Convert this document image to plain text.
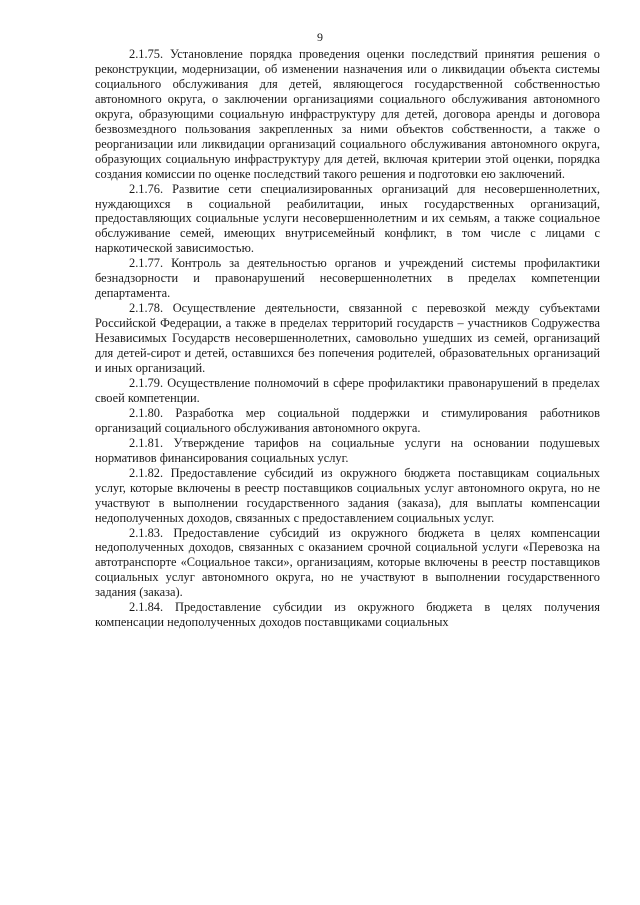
9

2.1.75. Установление порядка проведения оценки последствий принятия решения о реконструкции, модернизации, об изменении назначения или о ликвидации объекта системы социального обслуживания для детей, являющегося государственной собственностью автономного округа, о заключении организациями социального обслуживания автономного округа, образующими социальную инфраструктуру для детей, договора аренды и договора безвозмездного пользования закрепленных за ними объектов собственности, а также о реорганизации или ликвидации организаций социального обслуживания автономного округа, образующих социальную инфраструктуру для детей, включая критерии этой оценки, порядка создания комиссии по оценке последствий такого решения и подготовки ею заключений.

2.1.76. Развитие сети специализированных организаций для несовершеннолетних, нуждающихся в социальной реабилитации, иных государственных организаций, предоставляющих социальные услуги несовершеннолетним и их семьям, а также социальное обслуживание семей, имеющих внутрисемейный конфликт, в том числе с лицами с наркотической зависимостью.

2.1.77. Контроль за деятельностью органов и учреждений системы профилактики безнадзорности и правонарушений несовершеннолетних в пределах компетенции департамента.

2.1.78. Осуществление деятельности, связанной с перевозкой между субъектами Российской Федерации, а также в пределах территорий государств – участников Содружества Независимых Государств несовершеннолетних, самовольно ушедших из семей, организаций для детей-сирот и детей, оставшихся без попечения родителей, образовательных организаций и иных организаций.

2.1.79. Осуществление полномочий в сфере профилактики правонарушений в пределах своей компетенции.

2.1.80. Разработка мер социальной поддержки и стимулирования работников организаций социального обслуживания автономного округа.

2.1.81. Утверждение тарифов на социальные услуги на основании подушевых нормативов финансирования социальных услуг.

2.1.82. Предоставление субсидий из окружного бюджета поставщикам социальных услуг, которые включены в реестр поставщиков социальных услуг автономного округа, но не участвуют в выполнении государственного задания (заказа), для выплаты компенсации недополученных доходов, связанных с предоставлением социальных услуг.

2.1.83. Предоставление субсидий из окружного бюджета в целях компенсации недополученных доходов, связанных с оказанием срочной социальной услуги «Перевозка на автотранспорте «Социальное такси», организациям, которые включены в реестр поставщиков социальных услуг автономного округа, но не участвуют в выполнении государственного задания (заказа).

2.1.84. Предоставление субсидии из окружного бюджета в целях получения компенсации недополученных доходов поставщиками социальных
